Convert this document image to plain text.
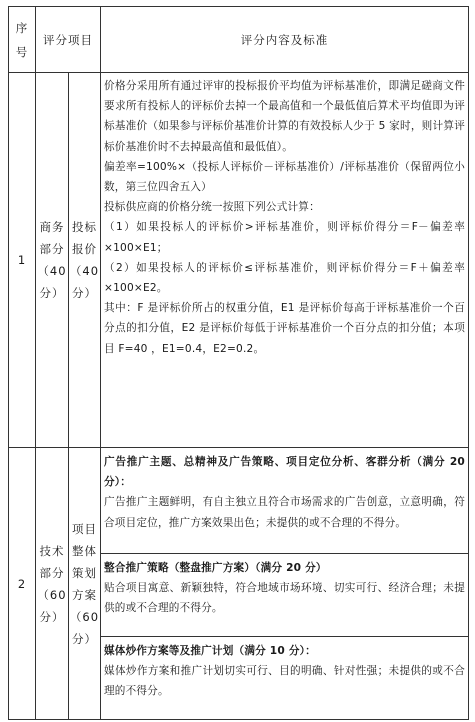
序
号
评分项目	评分内容及标准
1
商务
部分
（40
分）
投标
报价
（40
分）

价格分采用所有通过评审的投标报价平均值为评标基准价，即满足磋商文件要求所有投标人的评标价去掉一个最高值和一个最低值后算术平均值即为评标基准价（如果参与评标价基准价计算的有效投标人少于 5 家时，则计算评标价基准价时不去掉最高值和最低值）。

偏差率=100%×（投标人评标价－评标基准价）/评标基准价（保留两位小数，第三位四舍五入）

投标供应商的价格分统一按照下列公式计算：

（1）如果投标人的评标价>评标基准价，则评标价得分＝F－偏差率×100×E1；

（2）如果投标人的评标价≤评标基准价，则评标价得分＝F＋偏差率×100×E2。

其中：F 是评标价所占的权重分值，E1 是评标价每高于评标基准价一个百分点的扣分值，E2 是评标价每低于评标基准价一个百分点的扣分值；本项目 F=40 ，E1=0.4，E2=0.2。

2
技术
部分
（60
分）
项目
整体
策划
方案
（60
分）

广告推广主题、总精神及广告策略、项目定位分析、客群分析（满分 20 分）：

广告推广主题鲜明，有自主独立且符合市场需求的广告创意，立意明确，符合项目定位，推广方案效果出色；未提供的或不合理的不得分。

整合推广策略（整盘推广方案）（满分 20 分）

贴合项目寓意、新颖独特，符合地域市场环境、切实可行、经济合理；未提供的或不合理的不得分。

媒体炒作方案等及推广计划（满分 10 分）：

媒体炒作方案和推广计划切实可行、目的明确、针对性强；未提供的或不合理的不得分。
